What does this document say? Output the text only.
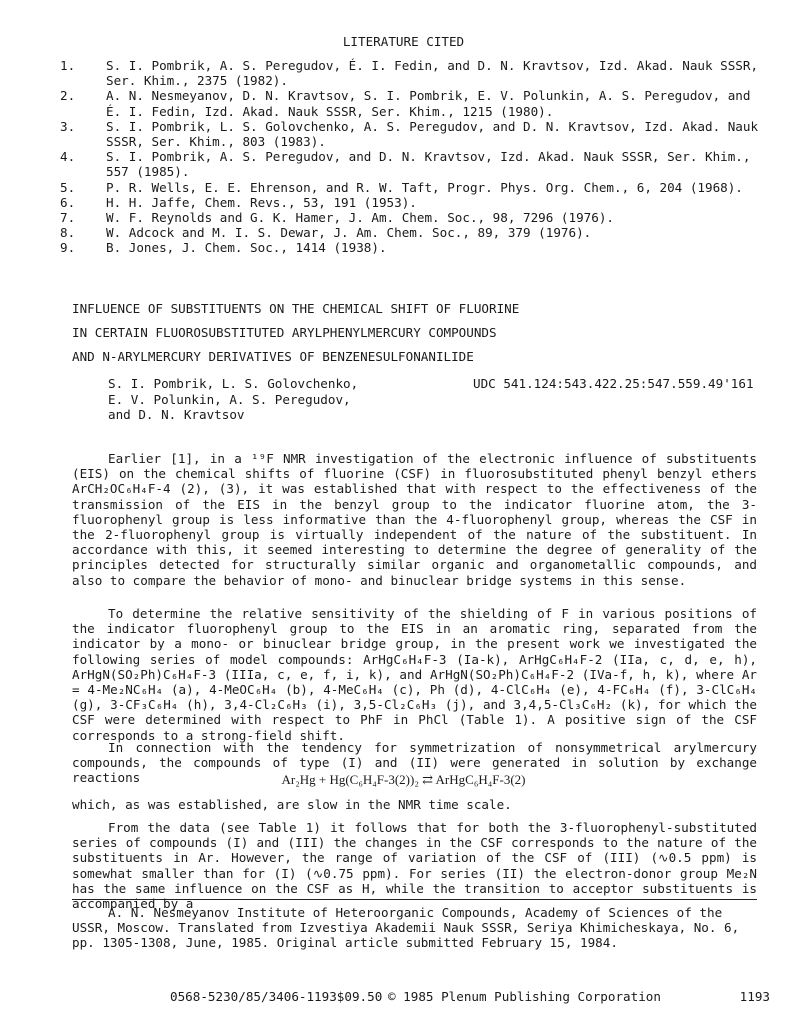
LITERATURE CITED
1.	S. I. Pombrik, A. S. Peregudov, É. I. Fedin, and D. N. Kravtsov, Izd. Akad. Nauk SSSR,
Ser. Khim., 2375 (1982).
2.	A. N. Nesmeyanov, D. N. Kravtsov, S. I. Pombrik, E. V. Polunkin, A. S. Peregudov, and
É. I. Fedin, Izd. Akad. Nauk SSSR, Ser. Khim., 1215 (1980).
3.	S. I. Pombrik, L. S. Golovchenko, A. S. Peregudov, and D. N. Kravtsov, Izd. Akad. Nauk
SSSR, Ser. Khim., 803 (1983).
4.	S. I. Pombrik, A. S. Peregudov, and D. N. Kravtsov, Izd. Akad. Nauk SSSR, Ser. Khim.,
557 (1985).
5.	P. R. Wells, E. E. Ehrenson, and R. W. Taft, Progr. Phys. Org. Chem., 6, 204 (1968).
6.	H. H. Jaffe, Chem. Revs., 53, 191 (1953).
7.	W. F. Reynolds and G. K. Hamer, J. Am. Chem. Soc., 98, 7296 (1976).
8.	W. Adcock and M. I. S. Dewar, J. Am. Chem. Soc., 89, 379 (1976).
9.	B. Jones, J. Chem. Soc., 1414 (1938).
INFLUENCE OF SUBSTITUENTS ON THE CHEMICAL SHIFT OF FLUORINE
IN CERTAIN FLUOROSUBSTITUTED ARYLPHENYLMERCURY COMPOUNDS
AND N-ARYLMERCURY DERIVATIVES OF BENZENESULFONANILIDE
S. I. Pombrik, L. S. Golovchenko,
E. V. Polunkin, A. S. Peregudov,
and D. N. Kravtsov
UDC 541.124:543.422.25:547.559.49'161

Earlier [1], in a ¹⁹F NMR investigation of the electronic influence of substituents (EIS) on the chemical shifts of fluorine (CSF) in fluorosubstituted phenyl benzyl ethers ArCH₂OC₆H₄F-4 (2), (3), it was established that with respect to the effectiveness of the transmission of the EIS in the benzyl group to the indicator fluorine atom, the 3-fluorophenyl group is less informative than the 4-fluorophenyl group, whereas the CSF in the 2-fluorophenyl group is virtually independent of the nature of the substituent. In accordance with this, it seemed interesting to determine the degree of generality of the principles detected for structurally similar organic and organometallic compounds, and also to compare the behavior of mono- and binuclear bridge systems in this sense.

To determine the relative sensitivity of the shielding of F in various positions of the indicator fluorophenyl group to the EIS in an aromatic ring, separated from the indicator by a mono- or binuclear bridge group, in the present work we investigated the following series of model compounds: ArHgC₆H₄F-3 (Ia-k), ArHgC₆H₄F-2 (IIa, c, d, e, h), ArHgN(SO₂Ph)C₆H₄F-3 (IIIa, c, e, f, i, k), and ArHgN(SO₂Ph)C₆H₄F-2 (IVa-f, h, k), where Ar = 4-Me₂NC₆H₄ (a), 4-MeOC₆H₄ (b), 4-MeC₆H₄ (c), Ph (d), 4-ClC₆H₄ (e), 4-FC₆H₄ (f), 3-ClC₆H₄ (g), 3-CF₃C₆H₄ (h), 3,4-Cl₂C₆H₃ (i), 3,5-Cl₂C₆H₃ (j), and 3,4,5-Cl₃C₆H₂ (k), for which the CSF were determined with respect to PhF in PhCl (Table 1). A positive sign of the CSF corresponds to a strong-field shift.

In connection with the tendency for symmetrization of nonsymmetrical arylmercury compounds, the compounds of type (I) and (II) were generated in solution by exchange reactions	Ar₂Hg + Hg(C₆H₄F-3(2))₂ ⇄ ArHgC₆H₄F-3(2)
which, as was established, are slow in the NMR time scale.

From the data (see Table 1) it follows that for both the 3-fluorophenyl-substituted series of compounds (I) and (III) the changes in the CSF corresponds to the nature of the substituents in Ar. However, the range of variation of the CSF of (III) (∿0.5 ppm) is somewhat smaller than for (I) (∿0.75 ppm). For series (II) the electron-donor group Me₂N has the same influence on the CSF as H, while the transition to acceptor substituents is accompanied by a

A. N. Nesmeyanov Institute of Heteroorganic Compounds, Academy of Sciences of the USSR, Moscow. Translated from Izvestiya Akademii Nauk SSSR, Seriya Khimicheskaya, No. 6, pp. 1305-1308, June, 1985. Original article submitted February 15, 1984.

0568-5230/85/3406-1193$09.50 © 1985 Plenum Publishing Corporation	1193
